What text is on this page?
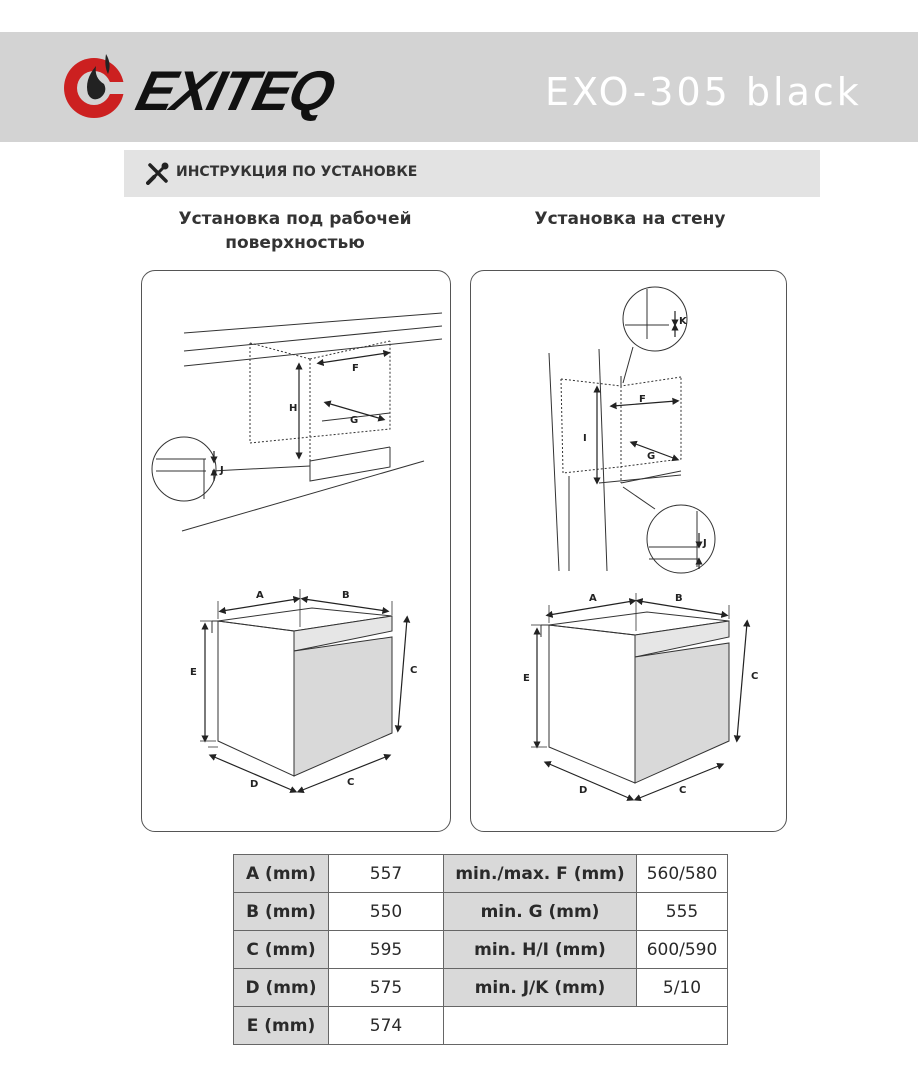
EXITEQ	EXO-305 black
ИНСТРУКЦИЯ ПО УСТАНОВКЕ
Установка под рабочей
поверхностью
Установка на стену
H
F
G
J
A	B
E	C
D	C
I
F
G
K
J
A	B
E	C
D	C
A (mm)	557	min./max. F (mm)	560/580
B (mm)	550	min. G (mm)	555
C (mm)	595	min. H/I (mm)	600/590
D (mm)	575	min. J/K (mm)	5/10
E (mm)	574		
